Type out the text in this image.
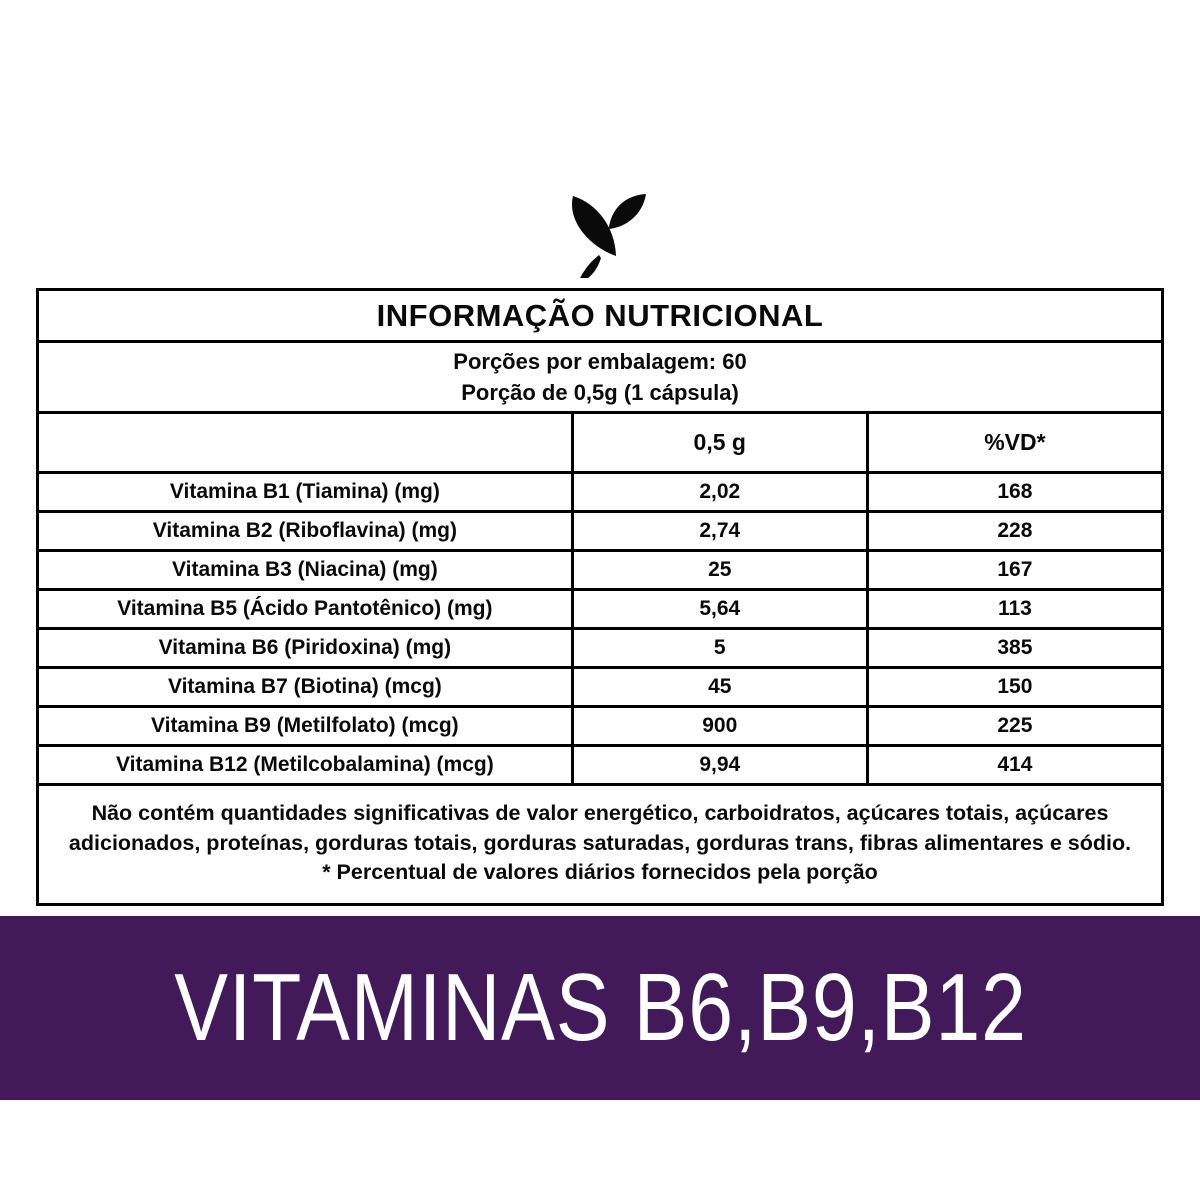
INFORMAÇÃO NUTRICIONAL		

Porções por embalagem: 60
Porção de 0,5g (1 cápsula)		

	0,5 g	%VD*
Vitamina B1 (Tiamina) (mg)	2,02	168
Vitamina B2 (Riboflavina) (mg)	2,74	228
Vitamina B3 (Niacina) (mg)	25	167
Vitamina B5 (Ácido Pantotênico) (mg)	5,64	113
Vitamina B6 (Piridoxina) (mg)	5	385
Vitamina B7 (Biotina) (mcg)	45	150
Vitamina B9 (Metilfolato) (mcg)	900	225
Vitamina B12 (Metilcobalamina) (mcg)	9,94	414
Não contém quantidades significativas de valor energético, carboidratos, açúcares totais, açúcares adicionados, proteínas, gorduras totais, gorduras saturadas, gorduras trans, fibras alimentares e sódio.
* Percentual de valores diários fornecidos pela porção		
VITAMINAS B6,B9,B12
